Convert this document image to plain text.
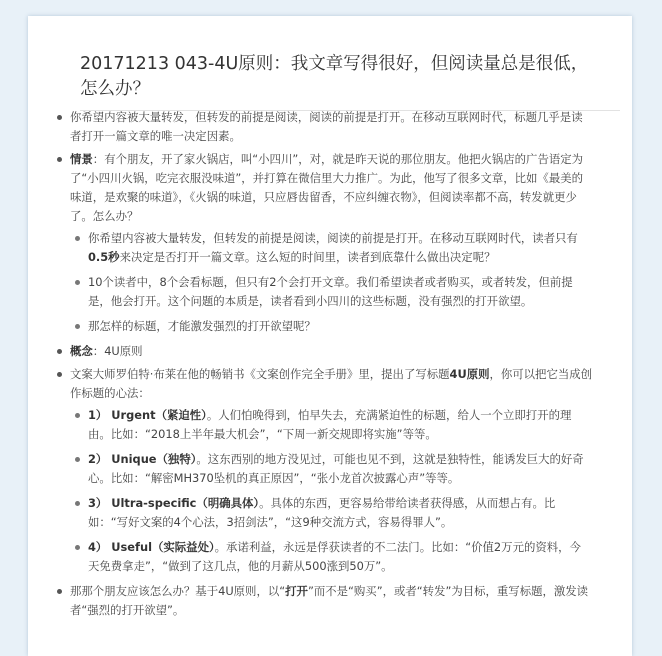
20171213 043-4U原则：我文章写得很好，但阅读量总是很低，怎么办？
你希望内容被大量转发，但转发的前提是阅读，阅读的前提是打开。在移动互联网时代，标题几乎是读者打开一篇文章的唯一决定因素。
情景：有个朋友，开了家火锅店，叫“小四川”，对，就是昨天说的那位朋友。他把火锅店的广告语定为了“小四川火锅，吃完衣服没味道”，并打算在微信里大力推广。为此，他写了很多文章，比如《最美的味道，是欢聚的味道》，《火锅的味道，只应唇齿留香，不应纠缠衣物》，但阅读率都不高，转发就更少了。怎么办？
你希望内容被大量转发，但转发的前提是阅读，阅读的前提是打开。在移动互联网时代，读者只有0.5秒来决定是否打开一篇文章。这么短的时间里，读者到底靠什么做出决定呢？
10个读者中，8个会看标题，但只有2个会打开文章。我们希望读者或者购买，或者转发，但前提是，他会打开。这个问题的本质是，读者看到小四川的这些标题，没有强烈的打开欲望。
那怎样的标题，才能激发强烈的打开欲望呢？
概念：4U原则
文案大师罗伯特·布莱在他的畅销书《文案创作完全手册》里，提出了写标题4U原则，你可以把它当成创作标题的心法：
1） Urgent（紧迫性）。人们怕晚得到，怕早失去，充满紧迫性的标题，给人一个立即打开的理由。比如：“2018上半年最大机会”，“下周一新交规即将实施”等等。
2） Unique（独特）。这东西别的地方没见过，可能也见不到，这就是独特性，能诱发巨大的好奇心。比如：“解密MH370坠机的真正原因”，“张小龙首次披露心声”等等。
3） Ultra-specific（明确具体）。具体的东西，更容易给带给读者获得感，从而想占有。比如：“写好文案的4个心法，3招剑法”，“这9种交流方式，容易得罪人”。
4） Useful（实际益处）。承诺利益，永远是俘获读者的不二法门。比如：“价值2万元的资料，今天免费拿走”，“做到了这几点，他的月薪从500涨到50万”。
那那个朋友应该怎么办？基于4U原则，以“打开”而不是“购买”，或者“转发”为目标，重写标题，激发读者“强烈的打开欲望”。
